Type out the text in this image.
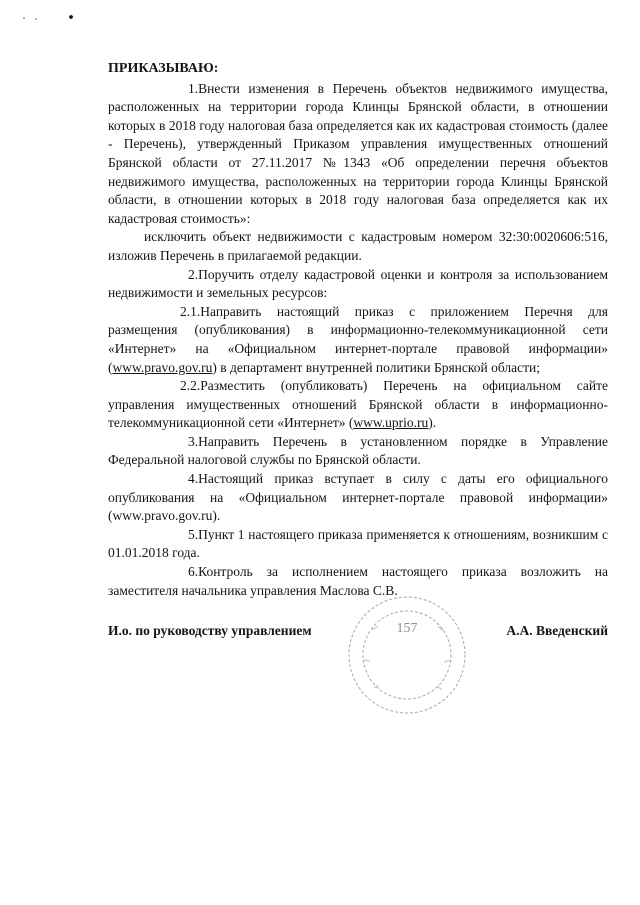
ПРИКАЗЫВАЮ:

1.Внести изменения в Перечень объектов недвижимого имущества, расположенных на территории города Клинцы Брянской области, в отношении которых в 2018 году налоговая база определяется как их кадастровая стоимость (далее - Перечень), утвержденный Приказом управления имущественных отношений Брянской области от 27.11.2017 №1343 «Об определении перечня объектов недвижимого имущества, расположенных на территории города Клинцы Брянской области, в отношении которых в 2018 году налоговая база определяется как их кадастровая стоимость»:

исключить объект недвижимости с кадастровым номером 32:30:0020606:516, изложив Перечень в прилагаемой редакции.

2.Поручить отделу кадастровой оценки и контроля за использованием недвижимости и земельных ресурсов:

2.1.Направить настоящий приказ с приложением Перечня для размещения (опубликования) в информационно-телекоммуникационной сети «Интернет» на «Официальном интернет-портале правовой информации» (www.pravo.gov.ru) в департамент внутренней политики Брянской области;

2.2.Разместить (опубликовать) Перечень на официальном сайте управления имущественных отношений Брянской области в информационно-телекоммуникационной сети «Интернет» (www.uprio.ru).

3.Направить Перечень в установленном порядке в Управление Федеральной налоговой службы по Брянской области.

4.Настоящий приказ вступает в силу с даты его официального опубликования на «Официальном интернет-портале правовой информации» (www.pravo.gov.ru).

5.Пункт 1 настоящего приказа применяется к отношениям, возникшим с 01.01.2018 года.

6.Контроль за исполнением настоящего приказа возложить на заместителя начальника управления Маслова С.В.

157
И.о. по руководству управлением	А.А. Введенский
